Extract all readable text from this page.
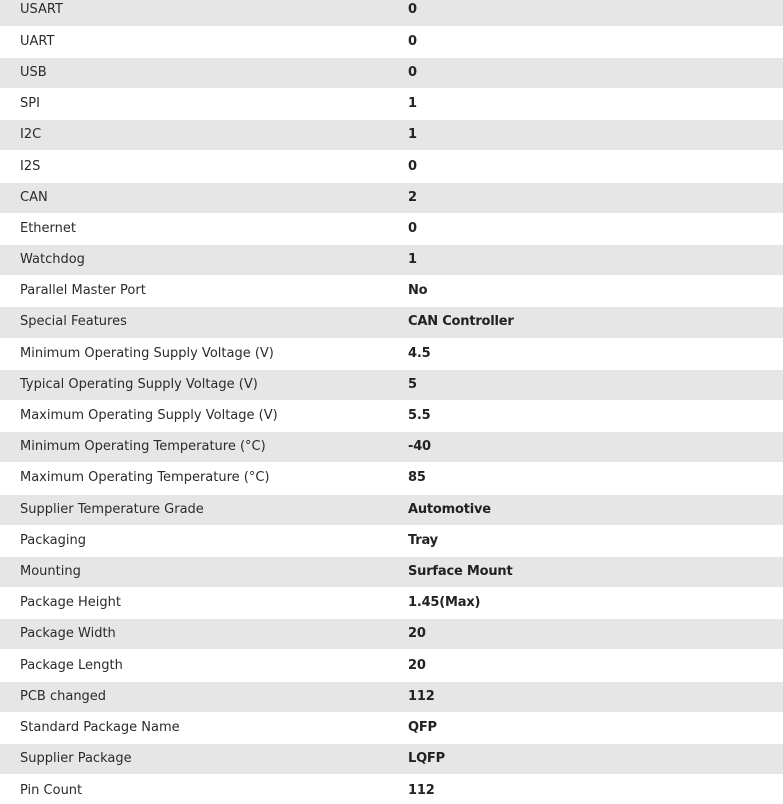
USART	0
UART	0
USB	0
SPI	1
I2C	1
I2S	0
CAN	2
Ethernet	0
Watchdog	1
Parallel Master Port	No
Special Features	CAN Controller
Minimum Operating Supply Voltage (V)	4.5
Typical Operating Supply Voltage (V)	5
Maximum Operating Supply Voltage (V)	5.5
Minimum Operating Temperature (°C)	-40
Maximum Operating Temperature (°C)	85
Supplier Temperature Grade	Automotive
Packaging	Tray
Mounting	Surface Mount
Package Height	1.45(Max)
Package Width	20
Package Length	20
PCB changed	112
Standard Package Name	QFP
Supplier Package	LQFP
Pin Count	112
